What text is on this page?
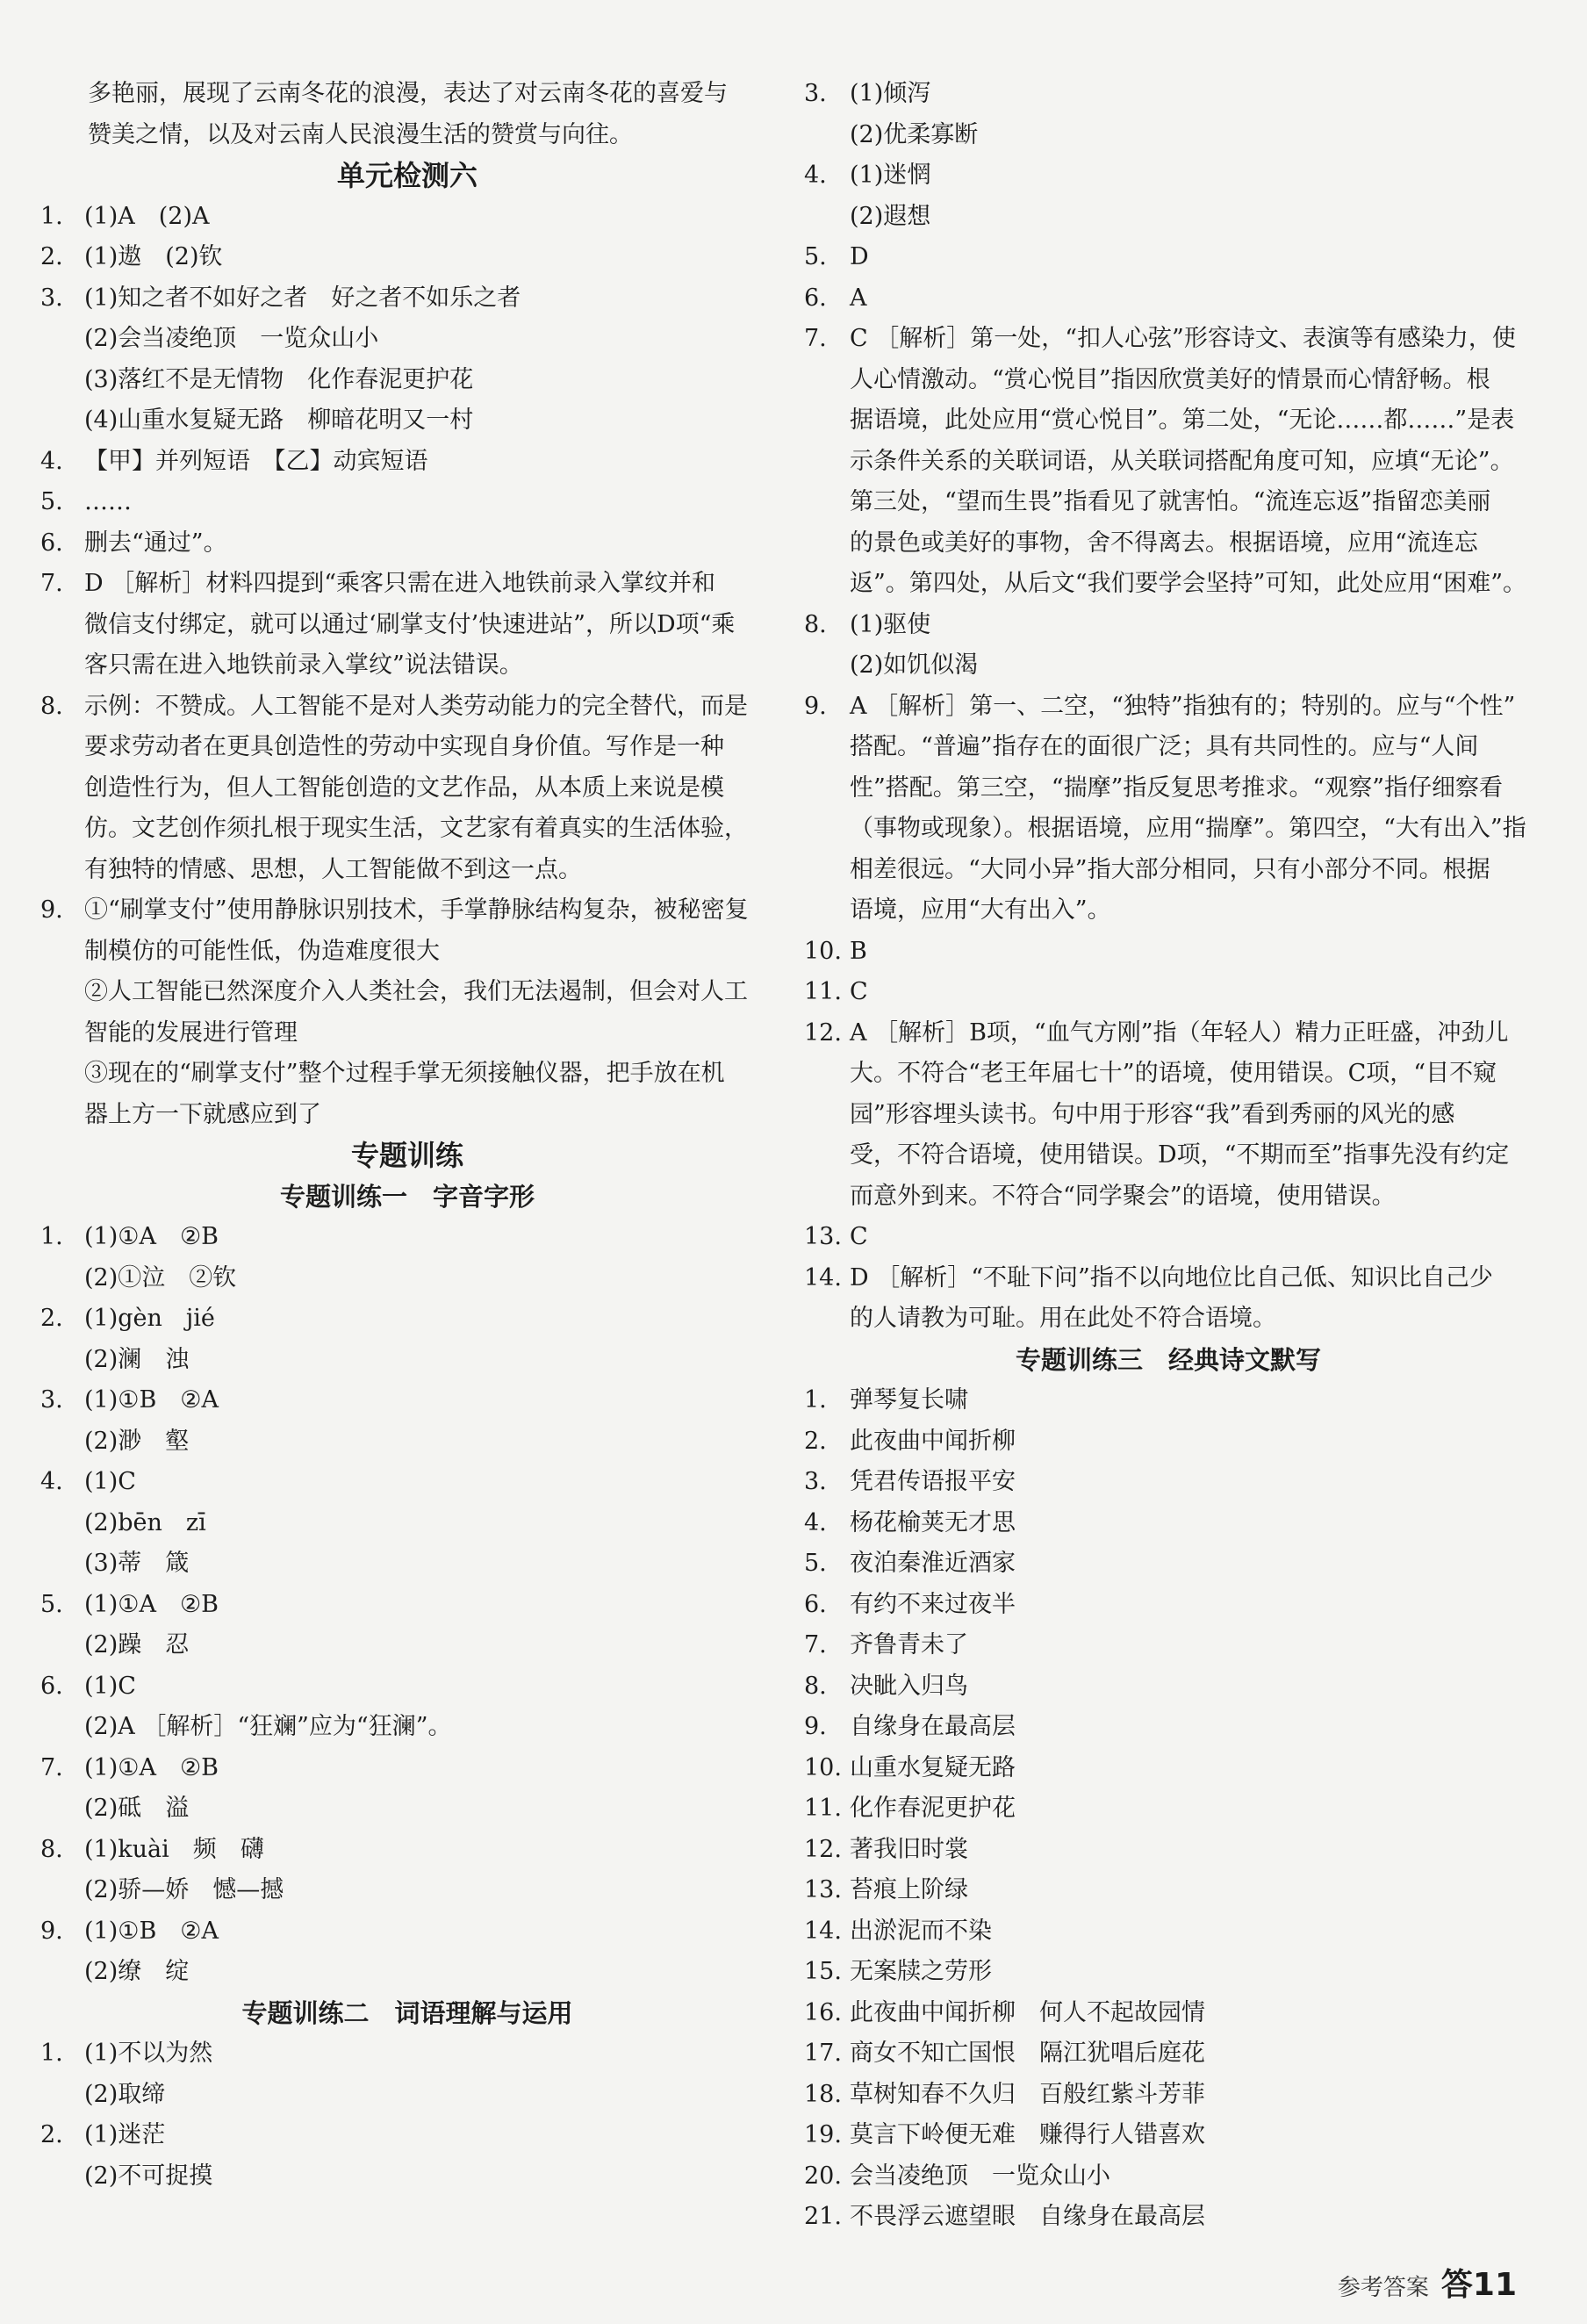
　　多艳丽，展现了云南冬花的浪漫，表达了对云南冬花的喜爱与
　　赞美之情，以及对云南人民浪漫生活的赞赏与向往。
单元检测六
1. (1)A　(2)A
2. (1)遨　(2)钦
3. (1)知之者不如好之者　好之者不如乐之者
(2)会当凌绝顶　一览众山小
(3)落红不是无情物　化作春泥更护花
(4)山重水复疑无路　柳暗花明又一村
4. 【甲】并列短语　【乙】动宾短语
5. ……
6. 删去“通过”。
7. D ［解析］材料四提到“乘客只需在进入地铁前录入掌纹并和
微信支付绑定，就可以通过‘刷掌支付’快速进站”，所以D项“乘
客只需在进入地铁前录入掌纹”说法错误。
8. 示例：不赞成。人工智能不是对人类劳动能力的完全替代，而是
要求劳动者在更具创造性的劳动中实现自身价值。写作是一种
创造性行为，但人工智能创造的文艺作品，从本质上来说是模
仿。文艺创作须扎根于现实生活，文艺家有着真实的生活体验，
有独特的情感、思想，人工智能做不到这一点。
9. ①“刷掌支付”使用静脉识别技术，手掌静脉结构复杂，被秘密复
制模仿的可能性低，伪造难度很大
②人工智能已然深度介入人类社会，我们无法遏制，但会对人工
智能的发展进行管理
③现在的“刷掌支付”整个过程手掌无须接触仪器，把手放在机
器上方一下就感应到了
专题训练
专题训练一　字音字形
1. (1)①A　②B
(2)①泣　②钦
2. (1)gèn　jié
(2)澜　浊
3. (1)①B　②A
(2)渺　壑
4. (1)C
(2)bēn　zī
(3)蒂　箴
5. (1)①A　②B
(2)躁　忍
6. (1)C
(2)A ［解析］“狂斓”应为“狂澜”。
7. (1)①A　②B
(2)砥　溢
8. (1)kuài　频　礴
(2)骄—娇　憾—撼
9. (1)①B　②A
(2)缭　绽
专题训练二　词语理解与运用
1. (1)不以为然
(2)取缔
2. (1)迷茫
(2)不可捉摸
3. (1)倾泻
(2)优柔寡断
4. (1)迷惘
(2)遐想
5. D
6. A
7. C ［解析］第一处，“扣人心弦”形容诗文、表演等有感染力，使
人心情激动。“赏心悦目”指因欣赏美好的情景而心情舒畅。根
据语境，此处应用“赏心悦目”。第二处，“无论……都……”是表
示条件关系的关联词语，从关联词搭配角度可知，应填“无论”。
第三处，“望而生畏”指看见了就害怕。“流连忘返”指留恋美丽
的景色或美好的事物，舍不得离去。根据语境，应用“流连忘
返”。第四处，从后文“我们要学会坚持”可知，此处应用“困难”。
8. (1)驱使
(2)如饥似渴
9. A ［解析］第一、二空，“独特”指独有的；特别的。应与“个性”
搭配。“普遍”指存在的面很广泛；具有共同性的。应与“人间
性”搭配。第三空，“揣摩”指反复思考推求。“观察”指仔细察看
（事物或现象）。根据语境，应用“揣摩”。第四空，“大有出入”指
相差很远。“大同小异”指大部分相同，只有小部分不同。根据
语境，应用“大有出入”。
10. B
11. C
12. A ［解析］B项，“血气方刚”指（年轻人）精力正旺盛，冲劲儿
大。不符合“老王年届七十”的语境，使用错误。C项，“目不窥
园”形容埋头读书。句中用于形容“我”看到秀丽的风光的感
受，不符合语境，使用错误。D项，“不期而至”指事先没有约定
而意外到来。不符合“同学聚会”的语境，使用错误。
13. C
14. D ［解析］“不耻下问”指不以向地位比自己低、知识比自己少
的人请教为可耻。用在此处不符合语境。
专题训练三　经典诗文默写
1. 弹琴复长啸
2. 此夜曲中闻折柳
3. 凭君传语报平安
4. 杨花榆荚无才思
5. 夜泊秦淮近酒家
6. 有约不来过夜半
7. 齐鲁青未了
8. 决眦入归鸟
9. 自缘身在最高层
10. 山重水复疑无路
11. 化作春泥更护花
12. 著我旧时裳
13. 苔痕上阶绿
14. 出淤泥而不染
15. 无案牍之劳形
16. 此夜曲中闻折柳　何人不起故园情
17. 商女不知亡国恨　隔江犹唱后庭花
18. 草树知春不久归　百般红紫斗芳菲
19. 莫言下岭便无难　赚得行人错喜欢
20. 会当凌绝顶　一览众山小
21. 不畏浮云遮望眼　自缘身在最高层
参考答案 答11
